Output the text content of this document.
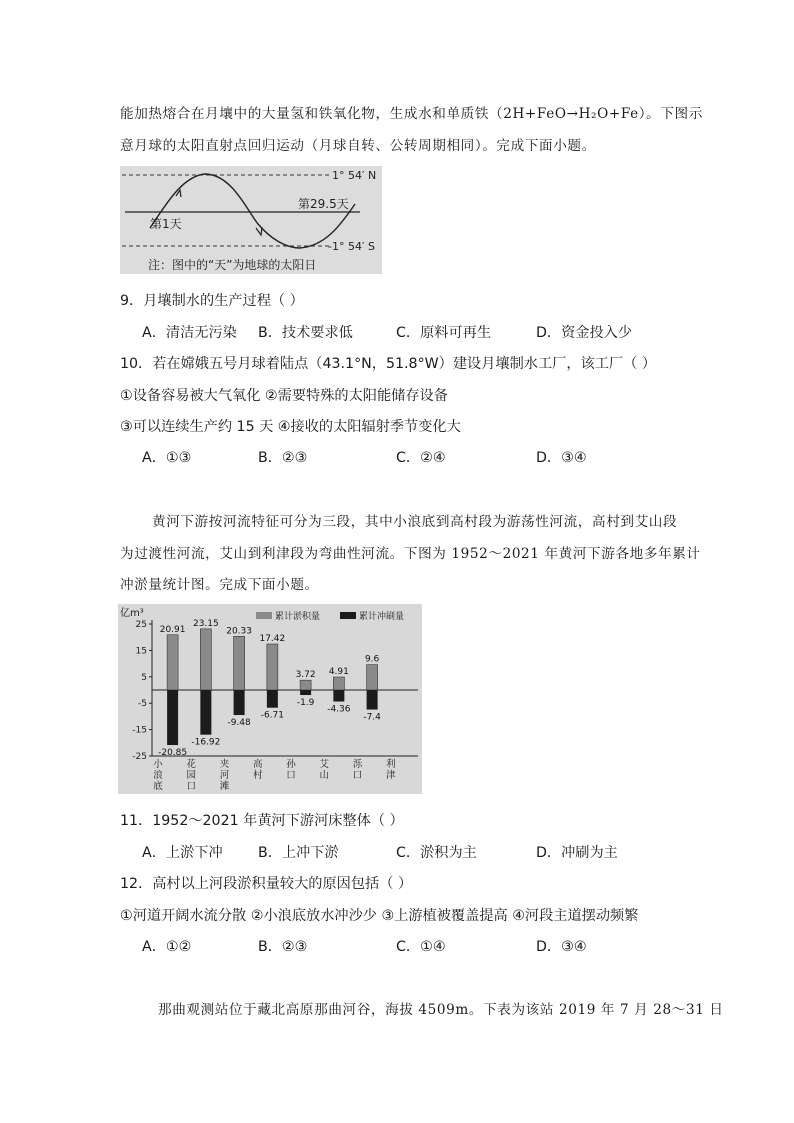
能加热熔合在月壤中的大量氢和铁氧化物，生成水和单质铁（2H+FeO→H₂O+Fe）。下图示
意月球的太阳直射点回归运动（月球自转、公转周期相同）。完成下面小题。
1° 54′ N
-1° 54′ S
第1天
第29.5天
注：图中的“天”为地球的太阳日
9．月壤制水的生产过程（ ）
A．清洁无污染 B．技术要求低	C．原料可再生	D．资金投入少
10．若在嫦娥五号月球着陆点（43.1°N，51.8°W）建设月壤制水工厂，该工厂（ ）
①设备容易被大气氧化 ②需要特殊的太阳能储存设备
③可以连续生产约 15 天 ④接收的太阳辐射季节变化大
A．①③	B．②③	C．②④	D．③④
黄河下游按河流特征可分为三段，其中小浪底到高村段为游荡性河流，高村到艾山段
为过渡性河流，艾山到利津段为弯曲性河流。下图为 1952～2021 年黄河下游各地多年累计
冲淤量统计图。完成下面小题。
25
15
5
-5
-15
-25
小
浪
底
20.91
-20.85
花
园
口
23.15
-16.92
夹
河
滩
20.33
-9.48
高
村
17.42
-6.71
孙
口
3.72
-1.9
艾
山
4.91
-4.36
泺
口
9.6
-7.4
利
津
亿m³	累计淤积量	累计冲刷量
11．1952～2021 年黄河下游河床整体（ ）
A．上淤下冲 B．上冲下淤	C．淤积为主	D．冲刷为主
12．高村以上河段淤积量较大的原因包括（ ）
①河道开阔水流分散 ②小浪底放水冲沙少 ③上游植被覆盖提高 ④河段主道摆动频繁
A．①②	B．②③	C．①④	D．③④
那曲观测站位于藏北高原那曲河谷，海拔 4509m。下表为该站 2019 年 7 月 28～31 日
